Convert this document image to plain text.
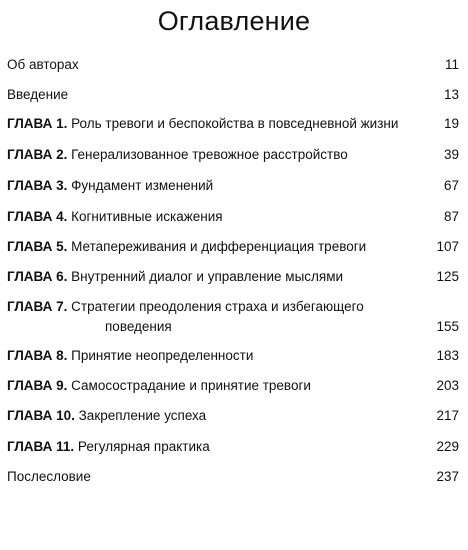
Оглавление
Об авторах	11
Введение	13
ГЛАВА 1. Роль тревоги и беспокойства в повседневной жизни	19
ГЛАВА 2. Генерализованное тревожное расстройство	39
ГЛАВА 3. Фундамент изменений	67
ГЛАВА 4. Когнитивные искажения	87
ГЛАВА 5. Метапереживания и дифференциация тревоги	107
ГЛАВА 6. Внутренний диалог и управление мыслями	125
ГЛАВА 7. Стратегии преодоления страха и избегающего
поведения	155
ГЛАВА 8. Принятие неопределенности	183
ГЛАВА 9. Самосострадание и принятие тревоги	203
ГЛАВА 10. Закрепление успеха	217
ГЛАВА 11. Регулярная практика	229
Послесловие	237
